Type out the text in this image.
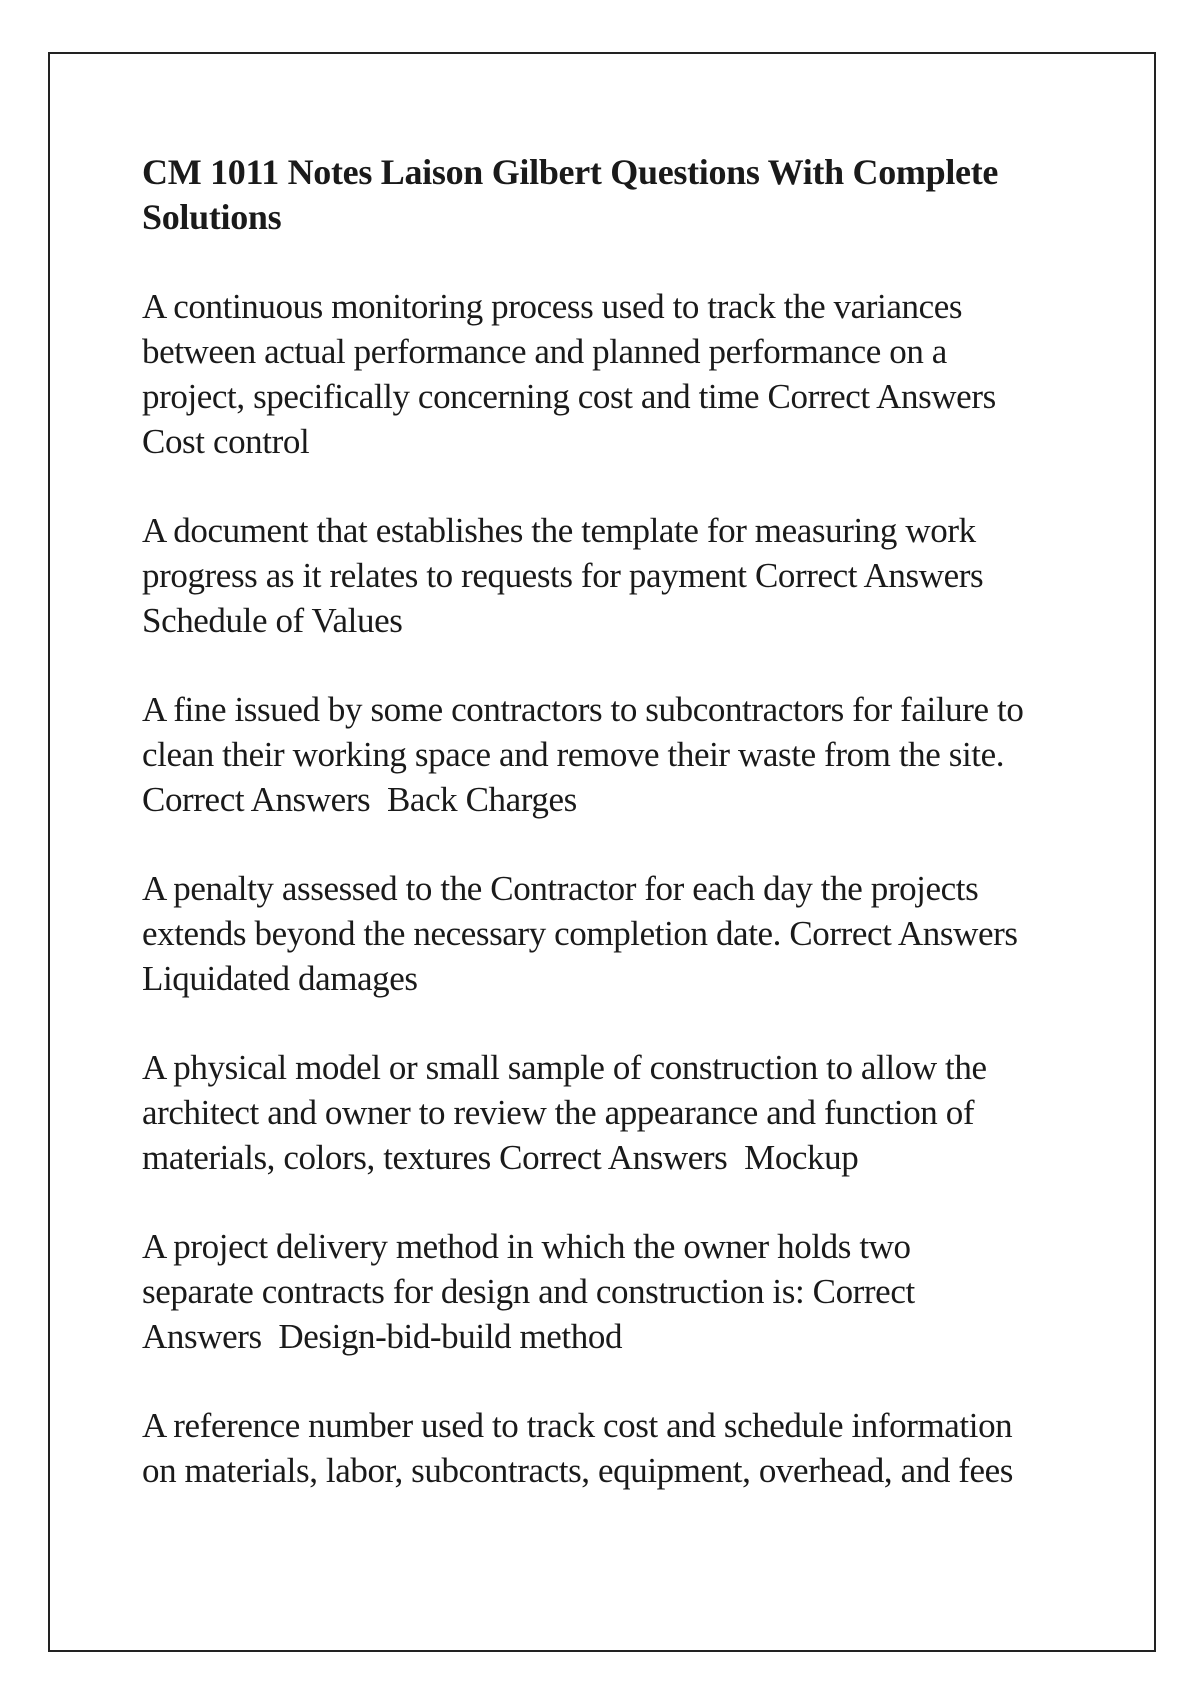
CM 1011 Notes Laison Gilbert Questions With Complete
Solutions
A continuous monitoring process used to track the variances
between actual performance and planned performance on a
project, specifically concerning cost and time Correct Answers
Cost control
A document that establishes the template for measuring work
progress as it relates to requests for payment Correct Answers
Schedule of Values
A fine issued by some contractors to subcontractors for failure to
clean their working space and remove their waste from the site.
Correct Answers  Back Charges
A penalty assessed to the Contractor for each day the projects
extends beyond the necessary completion date. Correct Answers
Liquidated damages
A physical model or small sample of construction to allow the
architect and owner to review the appearance and function of
materials, colors, textures Correct Answers  Mockup
A project delivery method in which the owner holds two
separate contracts for design and construction is: Correct
Answers  Design-bid-build method
A reference number used to track cost and schedule information
on materials, labor, subcontracts, equipment, overhead, and fees
